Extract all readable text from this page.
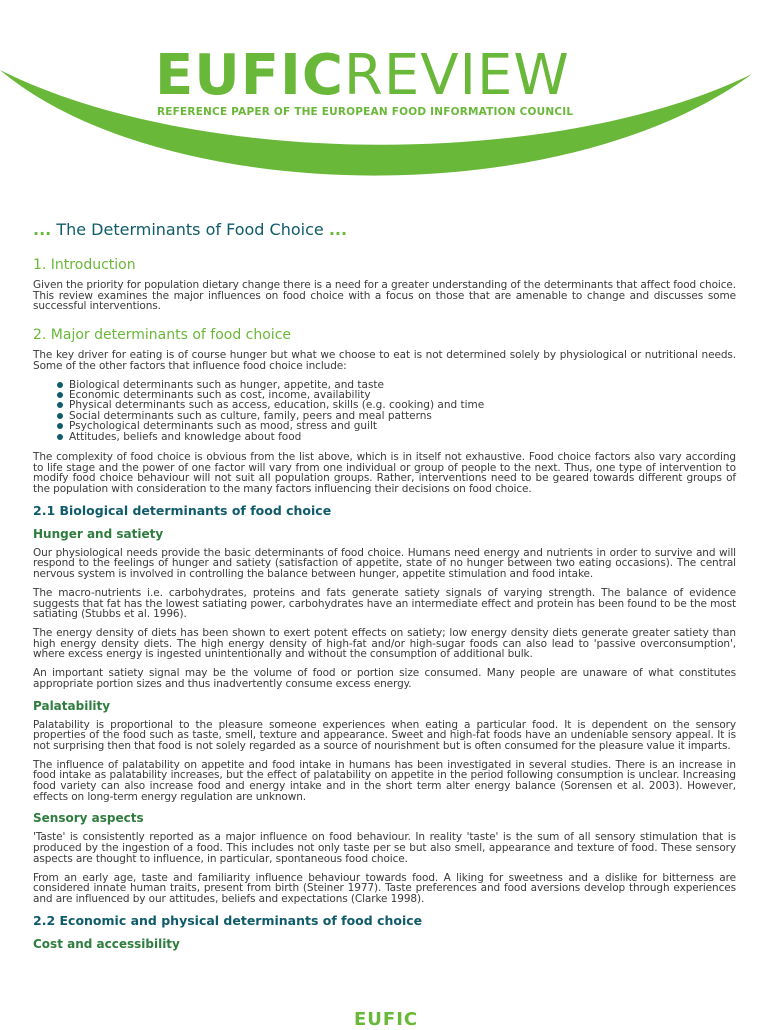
EUFICREVIEW
REFERENCE PAPER OF THE EUROPEAN FOOD INFORMATION COUNCIL
... The Determinants of Food Choice ...
1. Introduction

Given the priority for population dietary change there is a need for a greater understanding of the determinants that affect food choice. This review examines the major influences on food choice with a focus on those that are amenable to change and discusses some successful interventions.

2. Major determinants of food choice

The key driver for eating is of course hunger but what we choose to eat is not determined solely by physiological or nutritional needs. Some of the other factors that influence food choice include:

Biological determinants such as hunger, appetite, and taste
Economic determinants such as cost, income, availability
Physical determinants such as access, education, skills (e.g. cooking) and time
Social determinants such as culture, family, peers and meal patterns
Psychological determinants such as mood, stress and guilt
Attitudes, beliefs and knowledge about food

The complexity of food choice is obvious from the list above, which is in itself not exhaustive. Food choice factors also vary according to life stage and the power of one factor will vary from one individual or group of people to the next. Thus, one type of intervention to modify food choice behaviour will not suit all population groups. Rather, interventions need to be geared towards different groups of the population with consideration to the many factors influencing their decisions on food choice.

2.1 Biological determinants of food choice
Hunger and satiety

Our physiological needs provide the basic determinants of food choice. Humans need energy and nutrients in order to survive and will respond to the feelings of hunger and satiety (satisfaction of appetite, state of no hunger between two eating occasions). The central nervous system is involved in controlling the balance between hunger, appetite stimulation and food intake.

The macro-nutrients i.e. carbohydrates, proteins and fats generate satiety signals of varying strength. The balance of evidence suggests that fat has the lowest satiating power, carbohydrates have an intermediate effect and protein has been found to be the most satiating (Stubbs et al. 1996).

The energy density of diets has been shown to exert potent effects on satiety; low energy density diets generate greater satiety than high energy density diets. The high energy density of high-fat and/or high-sugar foods can also lead to 'passive overconsumption', where excess energy is ingested unintentionally and without the consumption of additional bulk.

An important satiety signal may be the volume of food or portion size consumed. Many people are unaware of what constitutes appropriate portion sizes and thus inadvertently consume excess energy.

Palatability

Palatability is proportional to the pleasure someone experiences when eating a particular food. It is dependent on the sensory properties of the food such as taste, smell, texture and appearance. Sweet and high-fat foods have an undeniable sensory appeal. It is not surprising then that food is not solely regarded as a source of nourishment but is often consumed for the pleasure value it imparts.

The influence of palatability on appetite and food intake in humans has been investigated in several studies. There is an increase in food intake as palatability increases, but the effect of palatability on appetite in the period following consumption is unclear. Increasing food variety can also increase food and energy intake and in the short term alter energy balance (Sorensen et al. 2003). However, effects on long-term energy regulation are unknown.

Sensory aspects

'Taste' is consistently reported as a major influence on food behaviour. In reality 'taste' is the sum of all sensory stimulation that is produced by the ingestion of a food. This includes not only taste per se but also smell, appearance and texture of food. These sensory aspects are thought to influence, in particular, spontaneous food choice.

From an early age, taste and familiarity influence behaviour towards food. A liking for sweetness and a dislike for bitterness are considered innate human traits, present from birth (Steiner 1977). Taste preferences and food aversions develop through experiences and are influenced by our attitudes, beliefs and expectations (Clarke 1998).

2.2 Economic and physical determinants of food choice
Cost and accessibility
EUFIC
